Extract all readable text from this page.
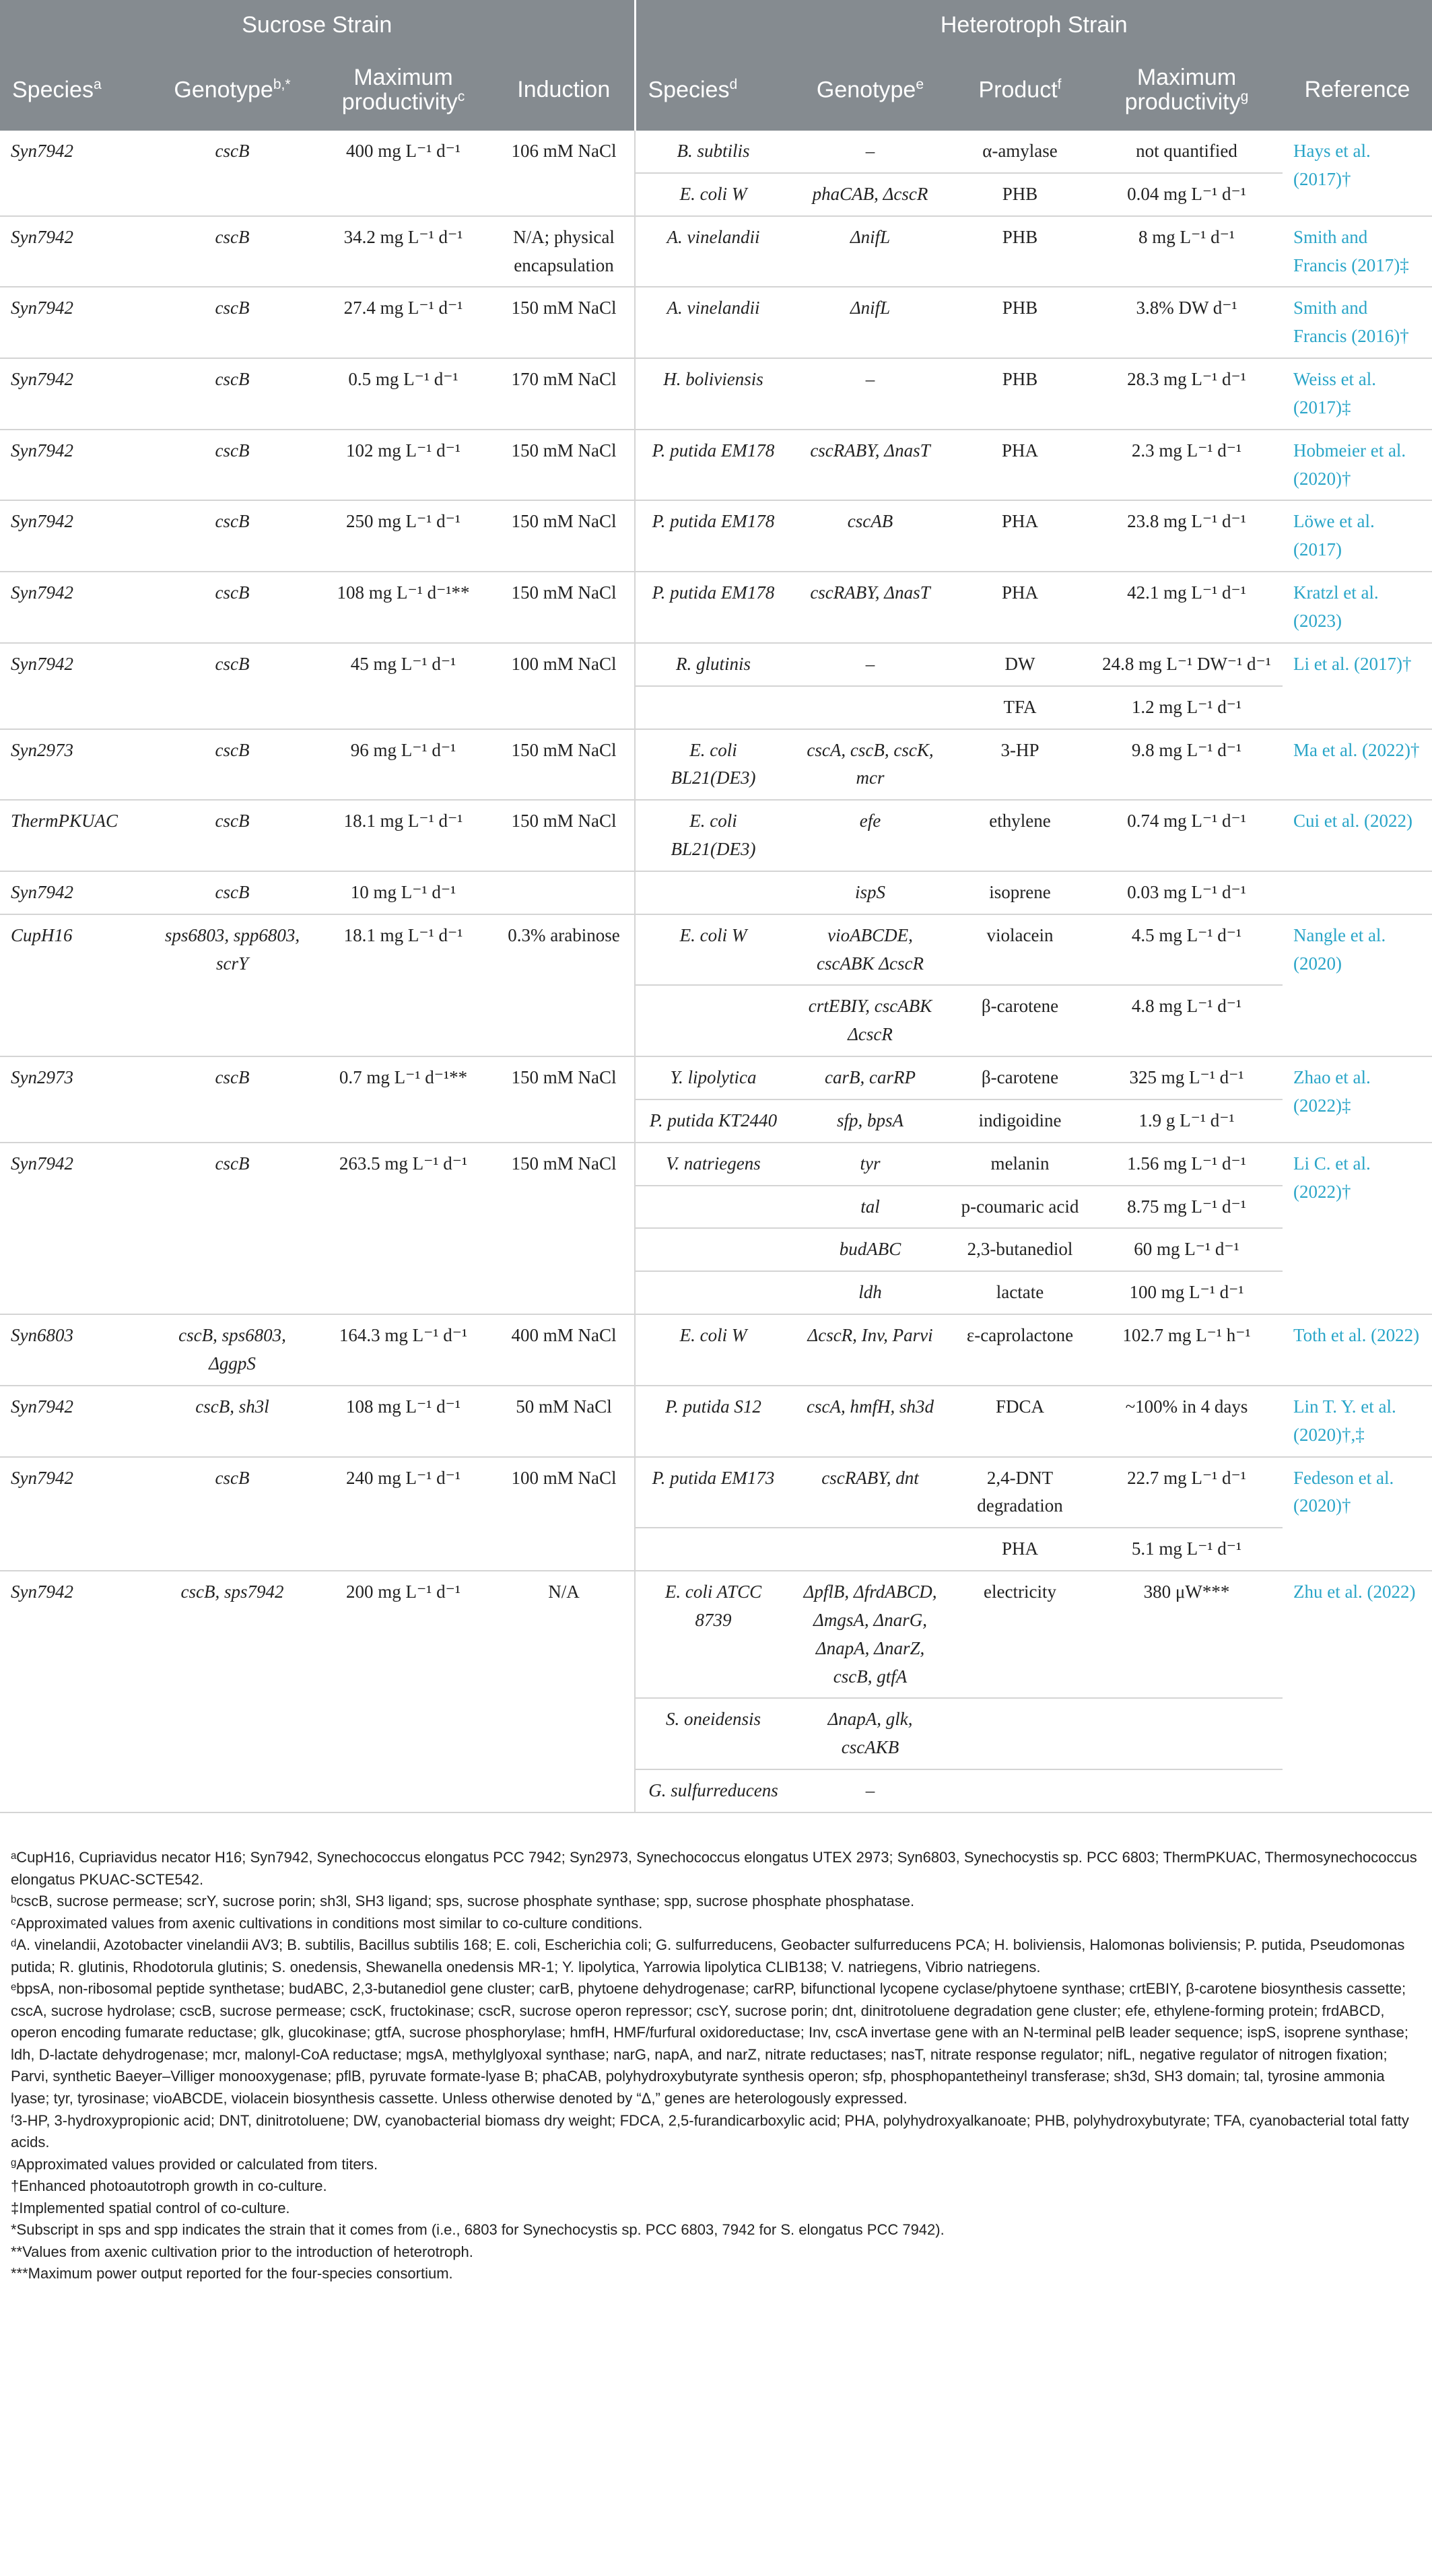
Sucrose Strain				Heterotroph Strain				
Species$^a$	Genotype$^{b,*}$	Maximum productivity$^c$	Induction	Species$^d$	Genotype$^e$	Product$^f$	Maximum productivity$^g$	Reference
Syn7942	cscB	400 mg L⁻¹ d⁻¹	106 mM NaCl	B. subtilis	–	α-amylase	not quantified	Hays et al. (2017)†
				E. coli W	phaCAB, ΔcscR	PHB	0.04 mg L⁻¹ d⁻¹	
Syn7942	cscB	34.2 mg L⁻¹ d⁻¹	N/A; physical encapsulation	A. vinelandii	ΔnifL	PHB	8 mg L⁻¹ d⁻¹	Smith and Francis (2017)‡
Syn7942	cscB	27.4 mg L⁻¹ d⁻¹	150 mM NaCl	A. vinelandii	ΔnifL	PHB	3.8% DW d⁻¹	Smith and Francis (2016)†
Syn7942	cscB	0.5 mg L⁻¹ d⁻¹	170 mM NaCl	H. boliviensis	–	PHB	28.3 mg L⁻¹ d⁻¹	Weiss et al. (2017)‡
Syn7942	cscB	102 mg L⁻¹ d⁻¹	150 mM NaCl	P. putida EM178	cscRABY, ΔnasT	PHA	2.3 mg L⁻¹ d⁻¹	Hobmeier et al. (2020)†
Syn7942	cscB	250 mg L⁻¹ d⁻¹	150 mM NaCl	P. putida EM178	cscAB	PHA	23.8 mg L⁻¹ d⁻¹	Löwe et al. (2017)
Syn7942	cscB	108 mg L⁻¹ d⁻¹**	150 mM NaCl	P. putida EM178	cscRABY, ΔnasT	PHA	42.1 mg L⁻¹ d⁻¹	Kratzl et al. (2023)
Syn7942	cscB	45 mg L⁻¹ d⁻¹	100 mM NaCl	R. glutinis	–	DW	24.8 mg L⁻¹ DW⁻¹ d⁻¹	Li et al. (2017)†
						TFA	1.2 mg L⁻¹ d⁻¹	
Syn2973	cscB	96 mg L⁻¹ d⁻¹	150 mM NaCl	E. coli BL21(DE3)	cscA, cscB, cscK, mcr	3-HP	9.8 mg L⁻¹ d⁻¹	Ma et al. (2022)†
ThermPKUAC	cscB	18.1 mg L⁻¹ d⁻¹	150 mM NaCl	E. coli BL21(DE3)	efe	ethylene	0.74 mg L⁻¹ d⁻¹	Cui et al. (2022)
Syn7942	cscB	10 mg L⁻¹ d⁻¹			ispS	isoprene	0.03 mg L⁻¹ d⁻¹	
CupH16	sps6803, spp6803, scrY	18.1 mg L⁻¹ d⁻¹	0.3% arabinose	E. coli W	vioABCDE, cscABK ΔcscR	violacein	4.5 mg L⁻¹ d⁻¹	Nangle et al. (2020)
					crtEBIY, cscABK ΔcscR	β-carotene	4.8 mg L⁻¹ d⁻¹	
Syn2973	cscB	0.7 mg L⁻¹ d⁻¹**	150 mM NaCl	Y. lipolytica	carB, carRP	β-carotene	325 mg L⁻¹ d⁻¹	Zhao et al. (2022)‡
				P. putida KT2440	sfp, bpsA	indigoidine	1.9 g L⁻¹ d⁻¹	
Syn7942	cscB	263.5 mg L⁻¹ d⁻¹	150 mM NaCl	V. natriegens	tyr	melanin	1.56 mg L⁻¹ d⁻¹	Li C. et al. (2022)†
					tal	p-coumaric acid	8.75 mg L⁻¹ d⁻¹	
					budABC	2,3-butanediol	60 mg L⁻¹ d⁻¹	
					ldh	lactate	100 mg L⁻¹ d⁻¹	
Syn6803	cscB, sps6803, ΔggpS	164.3 mg L⁻¹ d⁻¹	400 mM NaCl	E. coli W	ΔcscR, Inv, Parvi	ε-caprolactone	102.7 mg L⁻¹ h⁻¹	Toth et al. (2022)
Syn7942	cscB, sh3l	108 mg L⁻¹ d⁻¹	50 mM NaCl	P. putida S12	cscA, hmfH, sh3d	FDCA	~100% in 4 days	Lin T. Y. et al. (2020)†,‡
Syn7942	cscB	240 mg L⁻¹ d⁻¹	100 mM NaCl	P. putida EM173	cscRABY, dnt	2,4-DNT degradation	22.7 mg L⁻¹ d⁻¹	Fedeson et al. (2020)†
						PHA	5.1 mg L⁻¹ d⁻¹	
Syn7942	cscB, sps7942	200 mg L⁻¹ d⁻¹	N/A	E. coli ATCC 8739	ΔpflB, ΔfrdABCD, ΔmgsA, ΔnarG, ΔnapA, ΔnarZ, cscB, gtfA	electricity	380 μW***	Zhu et al. (2022)
				S. oneidensis	ΔnapA, glk, cscAKB			
				G. sulfurreducens	–			

ᵃCupH16, Cupriavidus necator H16; Syn7942, Synechococcus elongatus PCC 7942; Syn2973, Synechococcus elongatus UTEX 2973; Syn6803, Synechocystis sp. PCC 6803; ThermPKUAC, Thermosynechococcus elongatus PKUAC-SCTE542.

ᵇcscB, sucrose permease; scrY, sucrose porin; sh3l, SH3 ligand; sps, sucrose phosphate synthase; spp, sucrose phosphate phosphatase.

ᶜApproximated values from axenic cultivations in conditions most similar to co-culture conditions.

ᵈA. vinelandii, Azotobacter vinelandii AV3; B. subtilis, Bacillus subtilis 168; E. coli, Escherichia coli; G. sulfurreducens, Geobacter sulfurreducens PCA; H. boliviensis, Halomonas boliviensis; P. putida, Pseudomonas putida; R. glutinis, Rhodotorula glutinis; S. onedensis, Shewanella onedensis MR-1; Y. lipolytica, Yarrowia lipolytica CLIB138; V. natriegens, Vibrio natriegens.

ᵉbpsA, non-ribosomal peptide synthetase; budABC, 2,3-butanediol gene cluster; carB, phytoene dehydrogenase; carRP, bifunctional lycopene cyclase/phytoene synthase; crtEBIY, β-carotene biosynthesis cassette; cscA, sucrose hydrolase; cscB, sucrose permease; cscK, fructokinase; cscR, sucrose operon repressor; cscY, sucrose porin; dnt, dinitrotoluene degradation gene cluster; efe, ethylene-forming protein; frdABCD, operon encoding fumarate reductase; glk, glucokinase; gtfA, sucrose phosphorylase; hmfH, HMF/furfural oxidoreductase; Inv, cscA invertase gene with an N-terminal pelB leader sequence; ispS, isoprene synthase; ldh, D-lactate dehydrogenase; mcr, malonyl-CoA reductase; mgsA, methylglyoxal synthase; narG, napA, and narZ, nitrate reductases; nasT, nitrate response regulator; nifL, negative regulator of nitrogen fixation; Parvi, synthetic Baeyer–Villiger monooxygenase; pflB, pyruvate formate-lyase B; phaCAB, polyhydroxybutyrate synthesis operon; sfp, phosphopantetheinyl transferase; sh3d, SH3 domain; tal, tyrosine ammonia lyase; tyr, tyrosinase; vioABCDE, violacein biosynthesis cassette. Unless otherwise denoted by “Δ,” genes are heterologously expressed.

ᶠ3-HP, 3-hydroxypropionic acid; DNT, dinitrotoluene; DW, cyanobacterial biomass dry weight; FDCA, 2,5-furandicarboxylic acid; PHA, polyhydroxyalkanoate; PHB, polyhydroxybutyrate; TFA, cyanobacterial total fatty acids.

ᵍApproximated values provided or calculated from titers.

†Enhanced photoautotroph growth in co-culture.

‡Implemented spatial control of co-culture.

*Subscript in sps and spp indicates the strain that it comes from (i.e., 6803 for Synechocystis sp. PCC 6803, 7942 for S. elongatus PCC 7942).

**Values from axenic cultivation prior to the introduction of heterotroph.

***Maximum power output reported for the four-species consortium.
